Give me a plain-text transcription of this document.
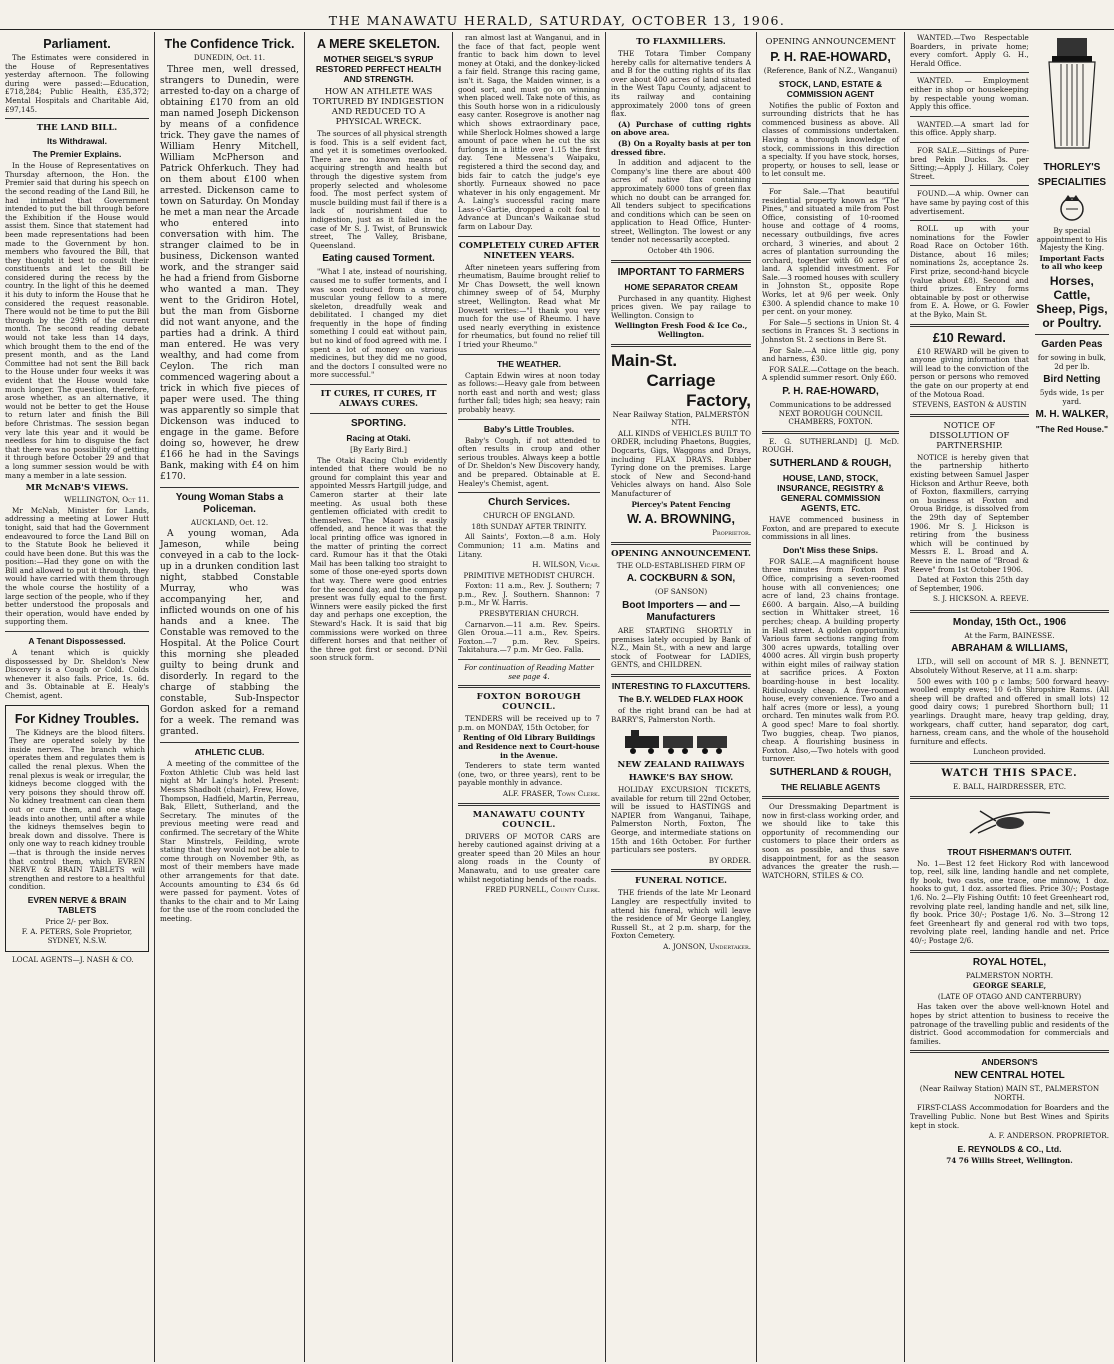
THE MANAWATU HERALD, SATURDAY, OCTOBER 13, 1906.
Parliament.

The Estimates were considered in the House of Representatives yesterday afternoon. The following during were passed:—Education, £718,284; Public Health, £35,372; Mental Hospitals and Charitable Aid, £97,145.

THE LAND BILL.
Its Withdrawal.
The Premier Explains.

In the House of Representatives on Thursday afternoon, the Hon. the Premier said that during his speech on the second reading of the Land Bill, he had intimated that Government intended to put the bill through before the Exhibition if the House would assist them. Since that statement had been made representations had been made to the Government by hon. members who favoured the Bill, that they thought it best to consult their constituents and let the Bill be considered during the recess by the country. In the light of this he deemed it his duty to inform the House that he considered the request reasonable. There would not be time to put the Bill through by the 29th of the current month. The second reading debate would not take less than 14 days, which brought them to the end of the present month, and as the Land Committee had not sent the Bill back to the House under four weeks it was evident that the House would take much longer. The question, therefore, arose whether, as an alternative, it would not be better to get the House to return later and finish the Bill before Christmas. The session began very late this year and it would be needless for him to disguise the fact that there was no possibility of getting it through before October 29 and that a long summer session would be with many a member in a late session.

MR McNAB'S VIEWS.

WELLINGTON, Oct 11.

Mr McNab, Minister for Lands, addressing a meeting at Lower Hutt tonight, said that had the Government endeavoured to force the Land Bill on to the Statute Book he believed it could have been done. But this was the position:—Had they gone on with the Bill and allowed to put it through, they would have carried with them through the whole course the hostility of a large section of the people, who if they better understood the proposals and their operation, would have ended by supporting them.

A Tenant Dispossessed.

A tenant which is quickly dispossessed by Dr. Sheldon's New Discovery is a Cough or Cold. Colds whenever it also fails. Price, 1s. 6d. and 3s. Obtainable at E. Healy's Chemist, agent.

For Kidney Troubles.

The Kidneys are the blood filters. They are operated solely by the inside nerves. The branch which operates them and regulates them is called the renal plexus. When the renal plexus is weak or irregular, the kidneys become clogged with the very poisons they should throw off. No kidney treatment can clean them out or cure them, and one stage leads into another, until after a while the kidneys themselves begin to break down and dissolve. There is only one way to reach kidney trouble—that is through the inside nerves that control them, which EVREN NERVE & BRAIN TABLETS will strengthen and restore to a healthful condition.

EVREN NERVE & BRAIN TABLETS

Price 2/- per Box.

F. A. PETERS, Sole Proprietor, SYDNEY, N.S.W.

LOCAL AGENTS—J. NASH & CO.

The Confidence Trick.

DUNEDIN, Oct. 11.

Three men, well dressed, strangers to Dunedin, were arrested to-day on a charge of obtaining £170 from an old man named Joseph Dickenson by means of a confidence trick. They gave the names of William Henry Mitchell, William McPherson and Patrick Ohferkuch. They had on them about £100 when arrested. Dickenson came to town on Saturday. On Monday he met a man near the Arcade who entered into conversation with him. The stranger claimed to be in business, Dickenson wanted work, and the stranger said he had a friend from Gisborne who wanted a man. They went to the Gridiron Hotel, but the man from Gisborne did not want anyone, and the parties had a drink. A third man entered. He was very wealthy, and had come from Ceylon. The rich man commenced wagering about a trick in which five pieces of paper were used. The thing was apparently so simple that Dickenson was induced to engage in the game. Before doing so, however, he drew £166 he had in the Savings Bank, making with £4 on him £170.

Young Woman Stabs a Policeman.

AUCKLAND, Oct. 12.

A young woman, Ada Jameson, while being conveyed in a cab to the lock-up in a drunken condition last night, stabbed Constable Murray, who was accompanying her, and inflicted wounds on one of his hands and a knee. The Constable was removed to the Hospital. At the Police Court this morning she pleaded guilty to being drunk and disorderly. In regard to the charge of stabbing the constable, Sub-Inspector Gordon asked for a remand for a week. The remand was granted.

ATHLETIC CLUB.

A meeting of the committee of the Foxton Athletic Club was held last night at Mr Laing's hotel. Present: Messrs Shadbolt (chair), Frew, Howe, Thompson, Hadfield, Martin, Perreau, Bak, Ellett, Sutherland, and the Secretary. The minutes of the previous meeting were read and confirmed. The secretary of the White Star Minstrels, Feilding, wrote stating that they would not be able to come through on November 9th, as most of their members have made other arrangements for that date. Accounts amounting to £34 6s 6d were passed for payment. Votes of thanks to the chair and to Mr Laing for the use of the room concluded the meeting.

A MERE SKELETON.
MOTHER SEIGEL'S SYRUP RESTORED PERFECT HEALTH AND STRENGTH.
HOW AN ATHLETE WAS TORTURED BY INDIGESTION AND REDUCED TO A PHYSICAL WRECK.

The sources of all physical strength is food. This is a self evident fact, and yet it is sometimes overlooked. There are no known means of acquiring strength and health but through the digestive system from properly selected and wholesome food. The most perfect system of muscle building must fail if there is a lack of nourishment due to indigestion, just as it failed in the case of Mr S. J. Twist, of Brunswick street, The Valley, Brisbane, Queensland.

Eating caused Torment.

"What I ate, instead of nourishing, caused me to suffer torments, and I was soon reduced from a strong, muscular young fellow to a mere skeleton, dreadfully weak and debilitated. I changed my diet frequently in the hope of finding something I could eat without pain, but no kind of food agreed with me. I spent a lot of money on various medicines, but they did me no good, and the doctors I consulted were no more successful."

IT CURES, IT CURES, IT ALWAYS CURES.
SPORTING.
Racing at Otaki.

[By Early Bird.]

The Otaki Racing Club evidently intended that there would be no ground for complaint this year and appointed Messrs Hartgill judge, and Cameron starter at their late meeting. As usual both these gentlemen officiated with credit to themselves. The Maori is easily offended, and hence it was that the local printing office was ignored in the matter of printing the correct card. Rumour has it that the Otaki Mail has been talking too straight to some of those one-eyed sports down that way. There were good entries for the second day, and the company present was fully equal to the first. Winners were easily picked the first day and perhaps one exception, the Steward's Hack. It is said that big commissions were worked on three different horses and that neither of the three got first or second. D'Nil soon struck form.

ran almost last at Wanganui, and in the face of that fact, people went frantic to back him down to level money at Otaki, and the donkey-licked a fair field. Strange this racing game, isn't it. Saga, the Maiden winner, is a good sort, and must go on winning when placed well. Take note of this, as this South horse won in a ridiculously easy canter. Rosegrove is another nag which shows extraordinary pace, while Sherlock Holmes showed a large amount of pace when he cut the six furlongs in a little over 1.15 the first day. Tene Messena's Waipaku, registered a third the second day, and bids fair to catch the judge's eye shortly. Furneaux showed no pace whatever in his only engagement. Mr A. Laing's successful racing mare Lass-o'-Gartie, dropped a colt foal to Advance at Duncan's Waikanae stud farm on Labour Day.

COMPLETELY CURED AFTER NINETEEN YEARS.

After nineteen years suffering from rheumatism, Bauime brought relief to Mr Chas Dowsett, the well known chimney sweep of of 54, Murphy street, Wellington. Read what Mr Dowsett writes:—"I thank you very much for the use of Rheumo. I have used nearly everything in existence for rheumatics, but found no relief till I tried your Rheumo."

THE WEATHER.

Captain Edwin wires at noon today as follows:—Heavy gale from between north east and north and west; glass further fall; tides high; sea heavy; rain probably heavy.

Baby's Little Troubles.

Baby's Cough, if not attended to often results in croup and other serious troubles. Always keep a bottle of Dr. Sheldon's New Discovery handy, and be prepared. Obtainable at E. Healey's Chemist, agent.

Church Services.

CHURCH OF ENGLAND.

18th SUNDAY AFTER TRINITY.

All Saints', Foxton.—8 a.m. Holy Communion; 11 a.m. Matins and Litany.

H. WILSON, Vicar.

PRIMITIVE METHODIST CHURCH.

Foxton: 11 a.m., Rev. J. Southern; 7 p.m., Rev. J. Southern. Shannon: 7 p.m., Mr W. Harris.

PRESBYTERIAN CHURCH.

Carnarvon.—11 a.m. Rev. Speirs. Glen Oroua.—11 a.m., Rev. Speirs. Foxton.—7 p.m. Rev. Speirs. Takitahura.—7 p.m. Mr Geo. Falla.

For continuation of Reading Matter see page 4.

FOXTON BOROUGH COUNCIL.

TENDERS will be received up to 7 p.m. on MONDAY, 15th October, for

Renting of Old Library Buildings and Residence next to Court-house in the Avenue.

Tenderers to state term wanted (one, two, or three years), rent to be payable monthly in advance.

ALF. FRASER, Town Clerk.

MANAWATU COUNTY COUNCIL.

DRIVERS OF MOTOR CARS are hereby cautioned against driving at a greater speed than 20 Miles an hour along roads in the County of Manawatu, and to use greater care whilst negotiating bends of the roads.

FRED PURNELL, County Clerk.

TO FLAXMILLERS.

THE Totara Timber Company hereby calls for alternative tenders A and B for the cutting rights of its flax over about 400 acres of land situated in the West Tapu County, adjacent to its railway and containing approximately 2000 tons of green flax.

(A) Purchase of cutting rights on above area.

(B) On a Royalty basis at per ton dressed fibre.

In addition and adjacent to the Company's line there are about 400 acres of native flax containing approximately 6000 tons of green flax which no doubt can be arranged for. All tenders subject to specifications and conditions which can be seen on application to Head Office, Hunter-street, Wellington. The lowest or any tender not necessarily accepted.

October 4th 1906.

IMPORTANT TO FARMERS
HOME SEPARATOR CREAM

Purchased in any quantity. Highest prices given. We pay railage to Wellington. Consign to

Wellington Fresh Food & Ice Co., Wellington.

Main-St.
Carriage
Factory,

Near Railway Station, PALMERSTON NTH.

ALL KINDS of VEHICLES BUILT TO ORDER, including Phaetons, Buggies, Dogcarts, Gigs, Waggons and Drays, including FLAX DRAYS. Rubber Tyring done on the premises. Large stock of New and Second-hand Vehicles always on hand. Also Sole Manufacturer of

Piercey's Patent Fencing

W. A. BROWNING,

Proprietor.

OPENING ANNOUNCEMENT.

THE OLD-ESTABLISHED FIRM OF

A. COCKBURN & SON,

(OF SANSON)

Boot Importers — and — Manufacturers

ARE STARTING SHORTLY in premises lately occupied by Bank of N.Z., Main St., with a new and large stock of Footwear for LADIES, GENTS, and CHILDREN.

INTERESTING TO FLAXCUTTERS.
The B.Y. WELDED FLAX HOOK

of the right brand can be had at BARRY'S, Palmerston North.

NEW ZEALAND RAILWAYS
HAWKE'S BAY SHOW.

HOLIDAY EXCURSION TICKETS, available for return till 22nd October, will be issued to HASTINGS and NAPIER from Wanganui, Taihape, Palmerston North, Foxton, The George, and intermediate stations on 15th and 16th October. For further particulars see posters.

BY ORDER.

FUNERAL NOTICE.

THE friends of the late Mr Leonard Langley are respectfully invited to attend his funeral, which will leave the residence of Mr George Langley, Russell St., at 2 p.m. sharp, for the Foxton Cemetery.

A. JONSON, Undertaker.

OPENING ANNOUNCEMENT
P. H. RAE-HOWARD,

(Reference, Bank of N.Z., Wanganui)

STOCK, LAND, ESTATE & COMMISSION AGENT

Notifies the public of Foxton and surrounding districts that he has commenced business as above. All classes of commissions undertaken. Having a thorough knowledge of stock, commissions in this direction a specialty. If you have stock, horses, property, or houses to sell, lease or to let consult me.

For Sale.—That beautiful residential property known as "The Pines," and situated a mile from Post Office, consisting of 10-roomed house and cottage of 4 rooms, necessary outbuildings, five acres orchard, 3 wineries, and about 2 acres of plantation surrounding the orchard, together with 60 acres of land. A splendid investment. For Sale.—3 roomed houses with scullery in Johnston St., opposite Rope Works, let at 9/6 per week. Only £300. A splendid chance to make 10 per cent. on your money.

For Sale—5 sections in Union St. 4 sections in Frances St. 3 sections in Johnston St. 2 sections in Bere St.

For Sale.—A nice little gig, pony and harness, £30.

FOR SALE.—Cottage on the beach. A splendid summer resort. Only £60.

P. H. RAE-HOWARD,

Communications to be addressed NEXT BOROUGH COUNCIL CHAMBERS, FOXTON.

E. G. SUTHERLAND] [J. McD. ROUGH.

SUTHERLAND & ROUGH,
HOUSE, LAND, STOCK, INSURANCE, REGISTRY & GENERAL COMMISSION AGENTS, ETC.

HAVE commenced business in Foxton, and are prepared to execute commissions in all lines.

Don't Miss these Snips.

FOR SALE.—A magnificent house three minutes from Foxton Post Office, comprising a seven-roomed house with all conveniences; one acre of land, 23 chains frontage. £600. A bargain. Also,—A building section in Whittaker street, 16 perches; cheap. A building property in Hall street. A golden opportunity. Various farm sections ranging from 300 acres upwards, totalling over 4000 acres. All virgin bush property within eight miles of railway station at sacrifice prices. A Foxton boarding-house in best locality. Ridiculously cheap. A five-roomed house, every convenience. Two and a half acres (more or less), a young orchard. Ten minutes walk from P.O. A good spec! Mare to foal shortly. Two buggies, cheap. Two pianos, cheap. A flourishing business in Foxton. Also,—Two hotels with good turnover.

SUTHERLAND & ROUGH,
THE RELIABLE AGENTS

Our Dressmaking Department is now in first-class working order, and we should like to take this opportunity of recommending our customers to place their orders as soon as possible, and thus save disappointment, for as the season advances the greater the rush.—WATCHORN, STILES & CO.

WANTED.—Two Respectable Boarders, in private home; every comfort. Apply G. H., Herald Office.

WANTED. — Employment either in shop or housekeeping by respectable young woman. Apply this office.

WANTED.—A smart lad for this office. Apply sharp.

FOR SALE.—Sittings of Pure-bred Pekin Ducks. 3s. per Sitting;—Apply J. Hillary, Coley Street.

FOUND.—A whip. Owner can have same by paying cost of this advertisement.

ROLL up with your nominations for the Fowler Road Race on October 16th. Distance, about 16 miles; nominations 2s, acceptance 2s. First prize, second-hand bicycle (value about £8). Second and third prizes. Entry forms obtainable by post or otherwise from E. A. Howe, or G. Fowler at the Byko, Main St.

£10 Reward.

£10 REWARD will be given to anyone giving information that will lead to the conviction of the person or persons who removed the gate on our property at end of the Motoua Road.

STEVENS, EASTON & AUSTIN

NOTICE OF DISSOLUTION OF PARTNERSHIP.

NOTICE is hereby given that the partnership hitherto existing between Samuel Jasper Hickson and Arthur Reeve, both of Foxton, flaxmillers, carrying on business at Foxton and Oroua Bridge, is dissolved from the 29th day of September 1906. Mr S. J. Hickson is retiring from the business which will be continued by Messrs E. L. Broad and A. Reeve in the name of "Broad & Reeve" from 1st October 1906.

Dated at Foxton this 25th day of September, 1906.

S. J. HICKSON. A. REEVE.

THORLEY'S
SPECIALITIES

By special appointment to His Majesty the King.

Important Facts to all who keep

Horses, Cattle, Sheep, Pigs, or Poultry.
Garden Peas

for sowing in bulk, 2d per lb.

Bird Netting

5yds wide, 1s per yard.

M. H. WALKER,
"The Red House."
Monday, 15th Oct., 1906

At the Farm, BAINESSE.

ABRAHAM & WILLIAMS,

LTD., will sell on account of MR S. J. BENNETT, Absolutely Without Reserve, at 11 a.m. sharp:

500 ewes with 100 p c lambs; 500 forward heavy-woolled empty ewes; 10 6-th Shropshire Rams. (All sheep will be drafted and offered in small lots) 12 good dairy cows; 1 purebred Shorthorn bull; 11 yearlings. Draught mare, heavy trap gelding, dray, workgears, chaff cutter, hand separator, dog cart, harness, cream cans, and the whole of the household furniture and effects.

Luncheon provided.

WATCH THIS SPACE.

E. BALL, HAIRDRESSER, ETC.

TROUT FISHERMAN'S OUTFIT.

No. 1—Best 12 feet Hickory Rod with lancewood top, reel, silk line, landing handle and net complete, fly book, two casts, one trace, one minnow, 1 doz. hooks to gut, 1 doz. assorted flies. Price 30/-; Postage 1/6. No. 2—Fly Fishing Outfit: 10 feet Greenheart rod, revolving plate reel, landing handle and net, silk line, fly book. Price 30/-; Postage 1/6. No. 3—Strong 12 feet Greenheart fly and general rod with two tops, revolving plate reel, landing handle and net. Price 40/-; Postage 2/6.

ROYAL HOTEL,

PALMERSTON NORTH.

GEORGE SEARLE,

(LATE OF OTAGO AND CANTERBURY)

Has taken over the above well-known Hotel and hopes by strict attention to business to receive the patronage of the travelling public and residents of the district. Good accommodation for commercials and families.

ANDERSON'S
NEW CENTRAL HOTEL

(Near Railway Station) MAIN ST., PALMERSTON NORTH.

FIRST-CLASS Accommodation for Boarders and the Travelling Public. None but Best Wines and Spirits kept in stock.

A. F. ANDERSON. PROPRIETOR.

E. REYNOLDS & CO., Ltd.

74 76 Willis Street, Wellington.
